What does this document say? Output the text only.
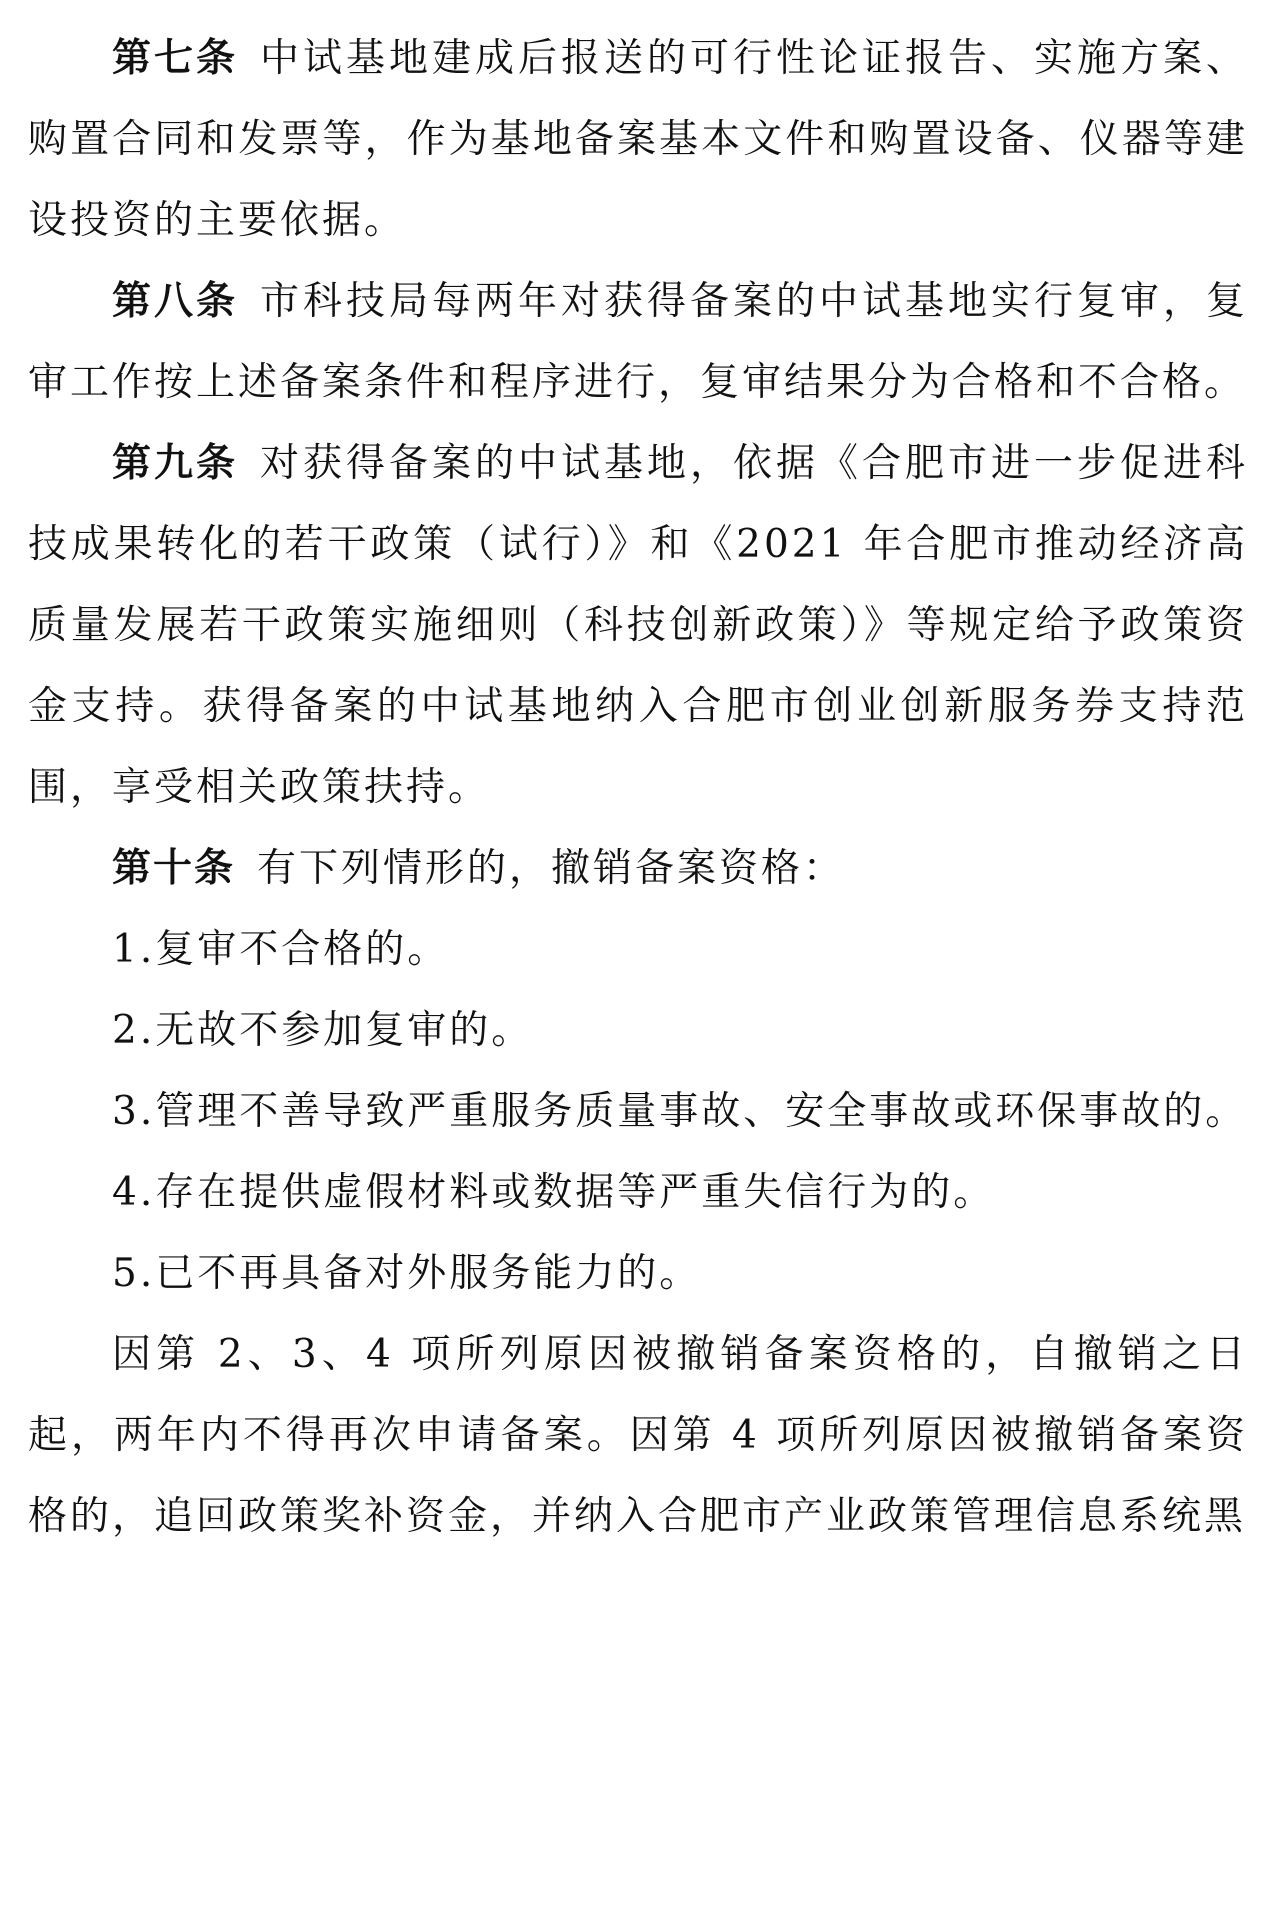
第七条 中试基地建成后报送的可行性论证报告、实施方案、购置合同和发票等，作为基地备案基本文件和购置设备、仪器等建设投资的主要依据。

第八条 市科技局每两年对获得备案的中试基地实行复审，复审工作按上述备案条件和程序进行，复审结果分为合格和不合格。

第九条 对获得备案的中试基地，依据《合肥市进一步促进科技成果转化的若干政策（试行）》和《2021 年合肥市推动经济高质量发展若干政策实施细则（科技创新政策）》等规定给予政策资金支持。获得备案的中试基地纳入合肥市创业创新服务券支持范围，享受相关政策扶持。

第十条 有下列情形的，撤销备案资格：

1.复审不合格的。

2.无故不参加复审的。

3.管理不善导致严重服务质量事故、安全事故或环保事故的。

4.存在提供虚假材料或数据等严重失信行为的。

5.已不再具备对外服务能力的。

因第 2、3、4 项所列原因被撤销备案资格的，自撤销之日起，两年内不得再次申请备案。因第 4 项所列原因被撤销备案资格的，追回政策奖补资金，并纳入合肥市产业政策管理信息系统黑
